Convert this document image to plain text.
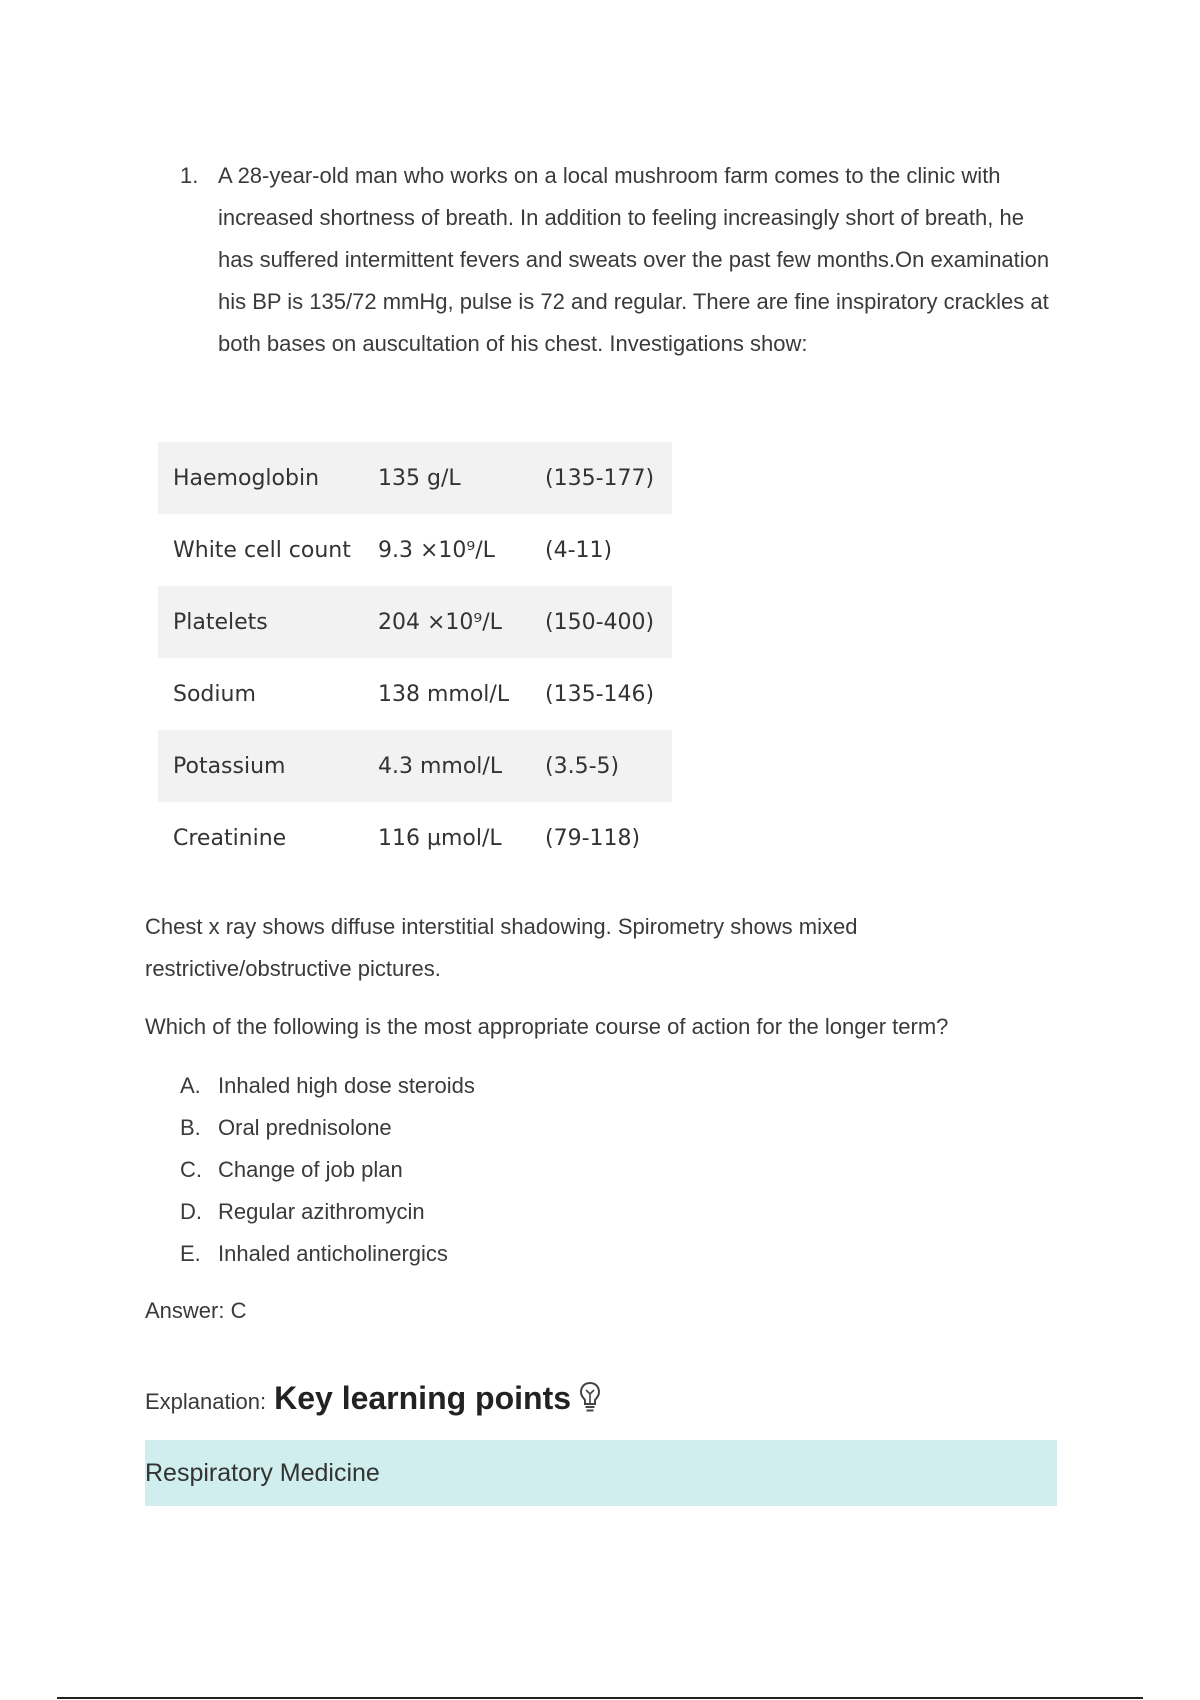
1. A 28-year-old man who works on a local mushroom farm comes to the clinic with increased shortness of breath. In addition to feeling increasingly short of breath, he has suffered intermittent fevers and sweats over the past few months.On examination his BP is 135/72 mmHg, pulse is 72 and regular. There are fine inspiratory crackles at both bases on auscultation of his chest. Investigations show:
Haemoglobin	135 g/L	(135-177)
White cell count	9.3 ×10⁹/L	(4-11)
Platelets	204 ×10⁹/L	(150-400)
Sodium	138 mmol/L	(135-146)
Potassium	4.3 mmol/L	(3.5-5)
Creatinine	116 µmol/L	(79-118)

Chest x ray shows diffuse interstitial shadowing. Spirometry shows mixed restrictive/obstructive pictures.

Which of the following is the most appropriate course of action for the longer term?

A. Inhaled high dose steroids
B. Oral prednisolone
C. Change of job plan
D. Regular azithromycin
E. Inhaled anticholinergics

Answer: C

Explanation: Key learning points
Respiratory Medicine
